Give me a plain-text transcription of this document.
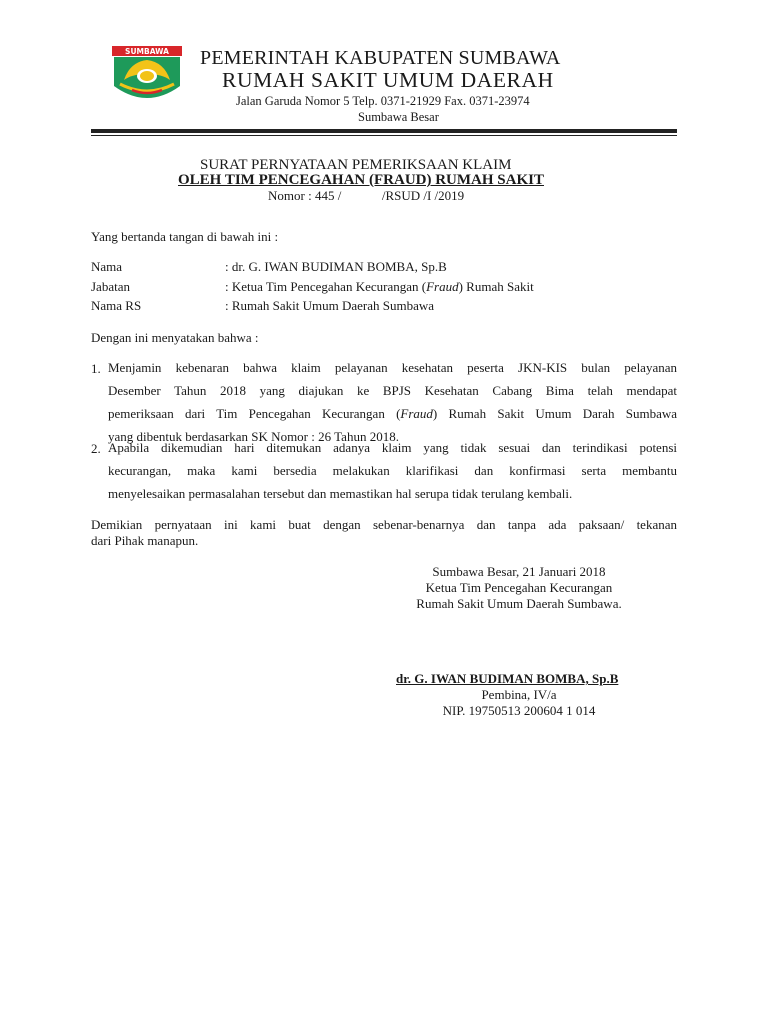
SUMBAWA PEMERINTAH KABUPATEN SUMBAWA
RUMAH SAKIT UMUM DAERAH
Jalan Garuda Nomor 5 Telp. 0371-21929 Fax. 0371-23974
Sumbawa Besar
SURAT PERNYATAAN PEMERIKSAAN KLAIM
OLEH TIM PENCEGAHAN (FRAUD) RUMAH SAKIT
Nomor : 445 /	/RSUD /I /2019
Yang bertanda tangan di bawah ini :
Nama	: dr. G. IWAN BUDIMAN BOMBA, Sp.B
Jabatan	: Ketua Tim Pencegahan Kecurangan (Fraud) Rumah Sakit
Nama RS	: Rumah Sakit Umum Daerah Sumbawa
Dengan ini menyatakan bahwa :
1. Menjamin kebenaran bahwa klaim pelayanan kesehatan peserta JKN-KIS bulan pelayanan
Desember Tahun 2018 yang diajukan ke BPJS Kesehatan Cabang Bima telah mendapat
pemeriksaan dari Tim Pencegahan Kecurangan (Fraud) Rumah Sakit Umum Darah Sumbawa
yang dibentuk berdasarkan SK Nomor : 26 Tahun 2018.
2. Apabila dikemudian hari ditemukan adanya klaim yang tidak sesuai dan terindikasi potensi
kecurangan, maka kami bersedia melakukan klarifikasi dan konfirmasi serta membantu
menyelesaikan permasalahan tersebut dan memastikan hal serupa tidak terulang kembali.
Demikian pernyataan ini kami buat dengan sebenar-benarnya dan tanpa ada paksaan/ tekanan
dari Pihak manapun.
Sumbawa Besar, 21 Januari 2018
Ketua Tim Pencegahan Kecurangan
Rumah Sakit Umum Daerah Sumbawa.
dr. G. IWAN BUDIMAN BOMBA, Sp.B
Pembina, IV/a
NIP. 19750513 200604 1 014
